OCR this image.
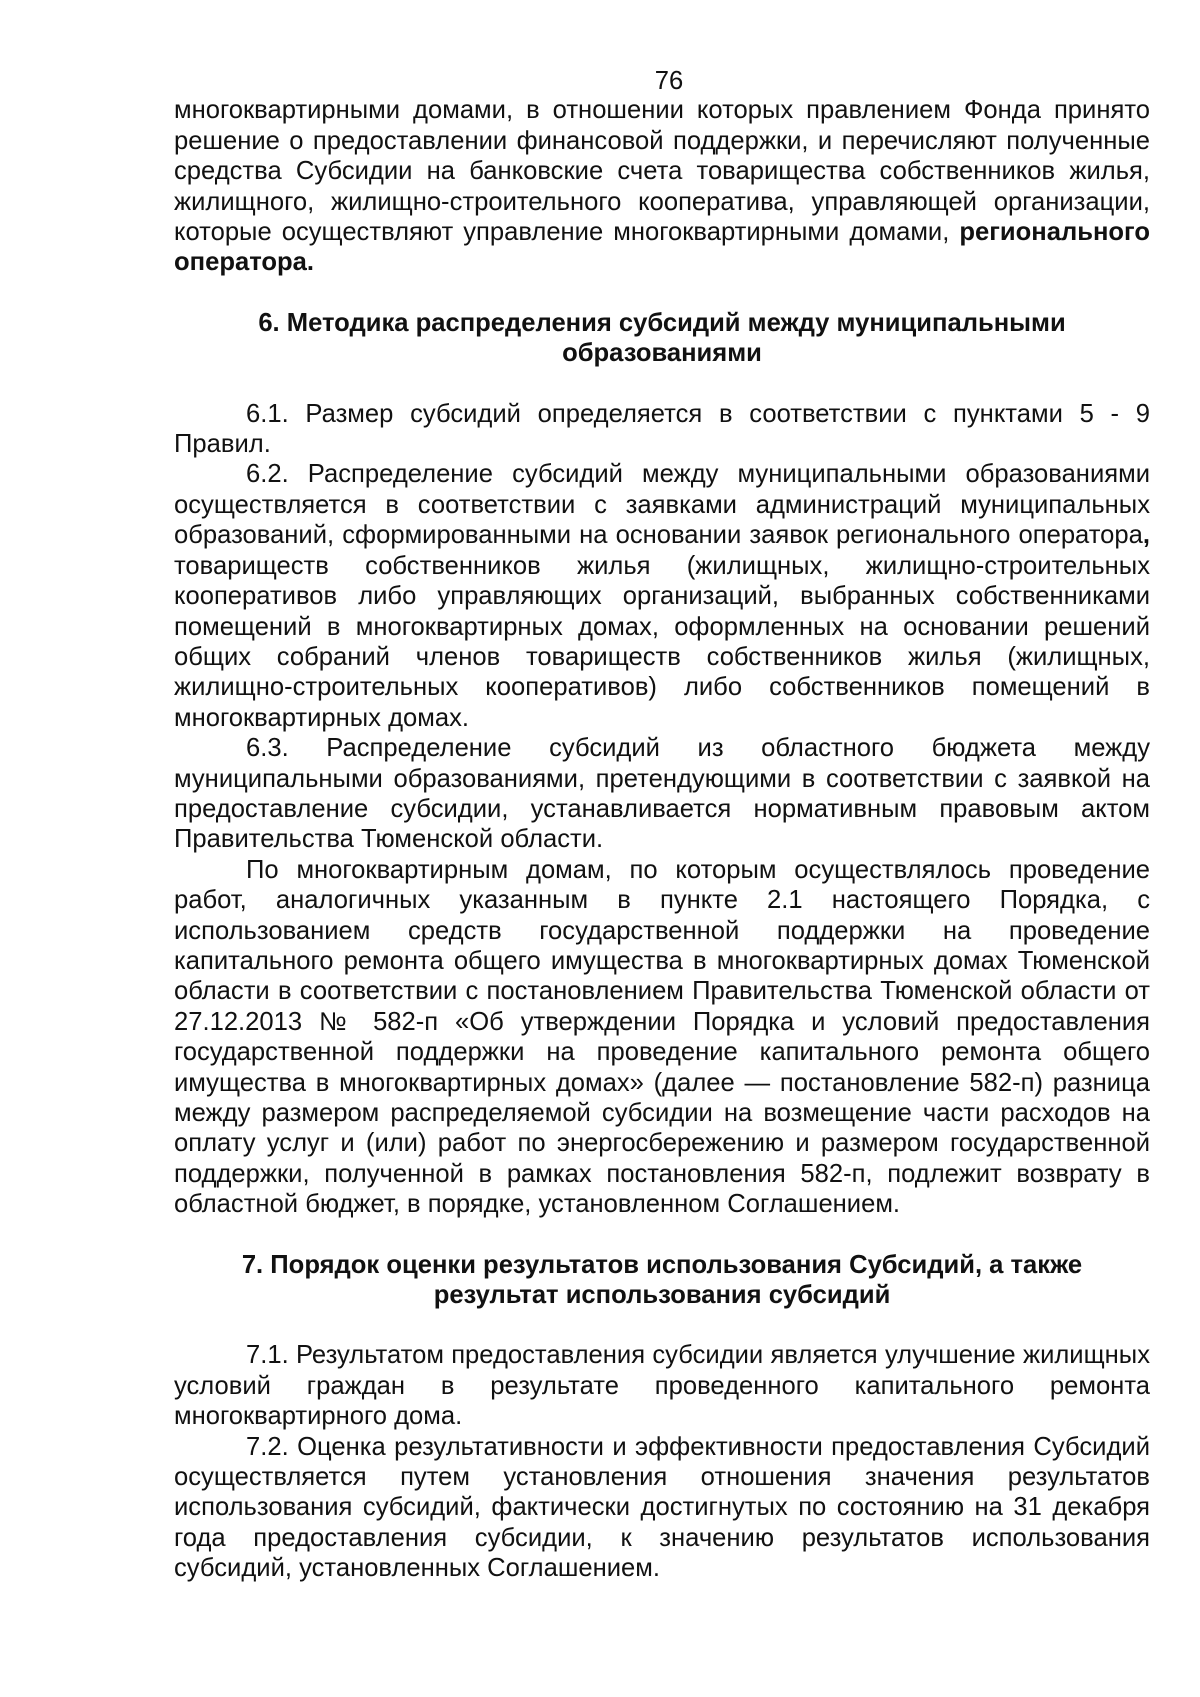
76

многоквартирными домами, в отношении которых правлением Фонда принято решение о предоставлении финансовой поддержки, и перечисляют полученные средства Субсидии на банковские счета товарищества собственников жилья, жилищного, жилищно-строительного кооператива, управляющей организации, которые осуществляют управление многоквартирными домами, регионального оператора.

6. Методика распределения субсидий между муниципальными образованиями

6.1. Размер субсидий определяется в соответствии с пунктами 5 - 9 Правил.

6.2. Распределение субсидий между муниципальными образованиями осуществляется в соответствии с заявками администраций муниципальных образований, сформированными на основании заявок регионального оператора, товариществ собственников жилья (жилищных, жилищно-строительных кооперативов либо управляющих организаций, выбранных собственниками помещений в многоквартирных домах, оформленных на основании решений общих собраний членов товариществ собственников жилья (жилищных, жилищно-строительных кооперативов) либо собственников помещений в многоквартирных домах.

6.3. Распределение субсидий из областного бюджета между муниципальными образованиями, претендующими в соответствии с заявкой на предоставление субсидии, устанавливается нормативным правовым актом Правительства Тюменской области.

По многоквартирным домам, по которым осуществлялось проведение работ, аналогичных указанным в пункте 2.1 настоящего Порядка, с использованием средств государственной поддержки на проведение капитального ремонта общего имущества в многоквартирных домах Тюменской области в соответствии с постановлением Правительства Тюменской области от 27.12.2013 № 582-п «Об утверждении Порядка и условий предоставления государственной поддержки на проведение капитального ремонта общего имущества в многоквартирных домах» (далее — постановление 582-п) разница между размером распределяемой субсидии на возмещение части расходов на оплату услуг и (или) работ по энергосбережению и размером государственной поддержки, полученной в рамках постановления 582-п, подлежит возврату в областной бюджет, в порядке, установленном Соглашением.

7. Порядок оценки результатов использования Субсидий, а также результат использования субсидий

7.1. Результатом предоставления субсидии является улучшение жилищных условий граждан в результате проведенного капитального ремонта многоквартирного дома.

7.2. Оценка результативности и эффективности предоставления Субсидий осуществляется путем установления отношения значения результатов использования субсидий, фактически достигнутых по состоянию на 31 декабря года предоставления субсидии, к значению результатов использования субсидий, установленных Соглашением.
